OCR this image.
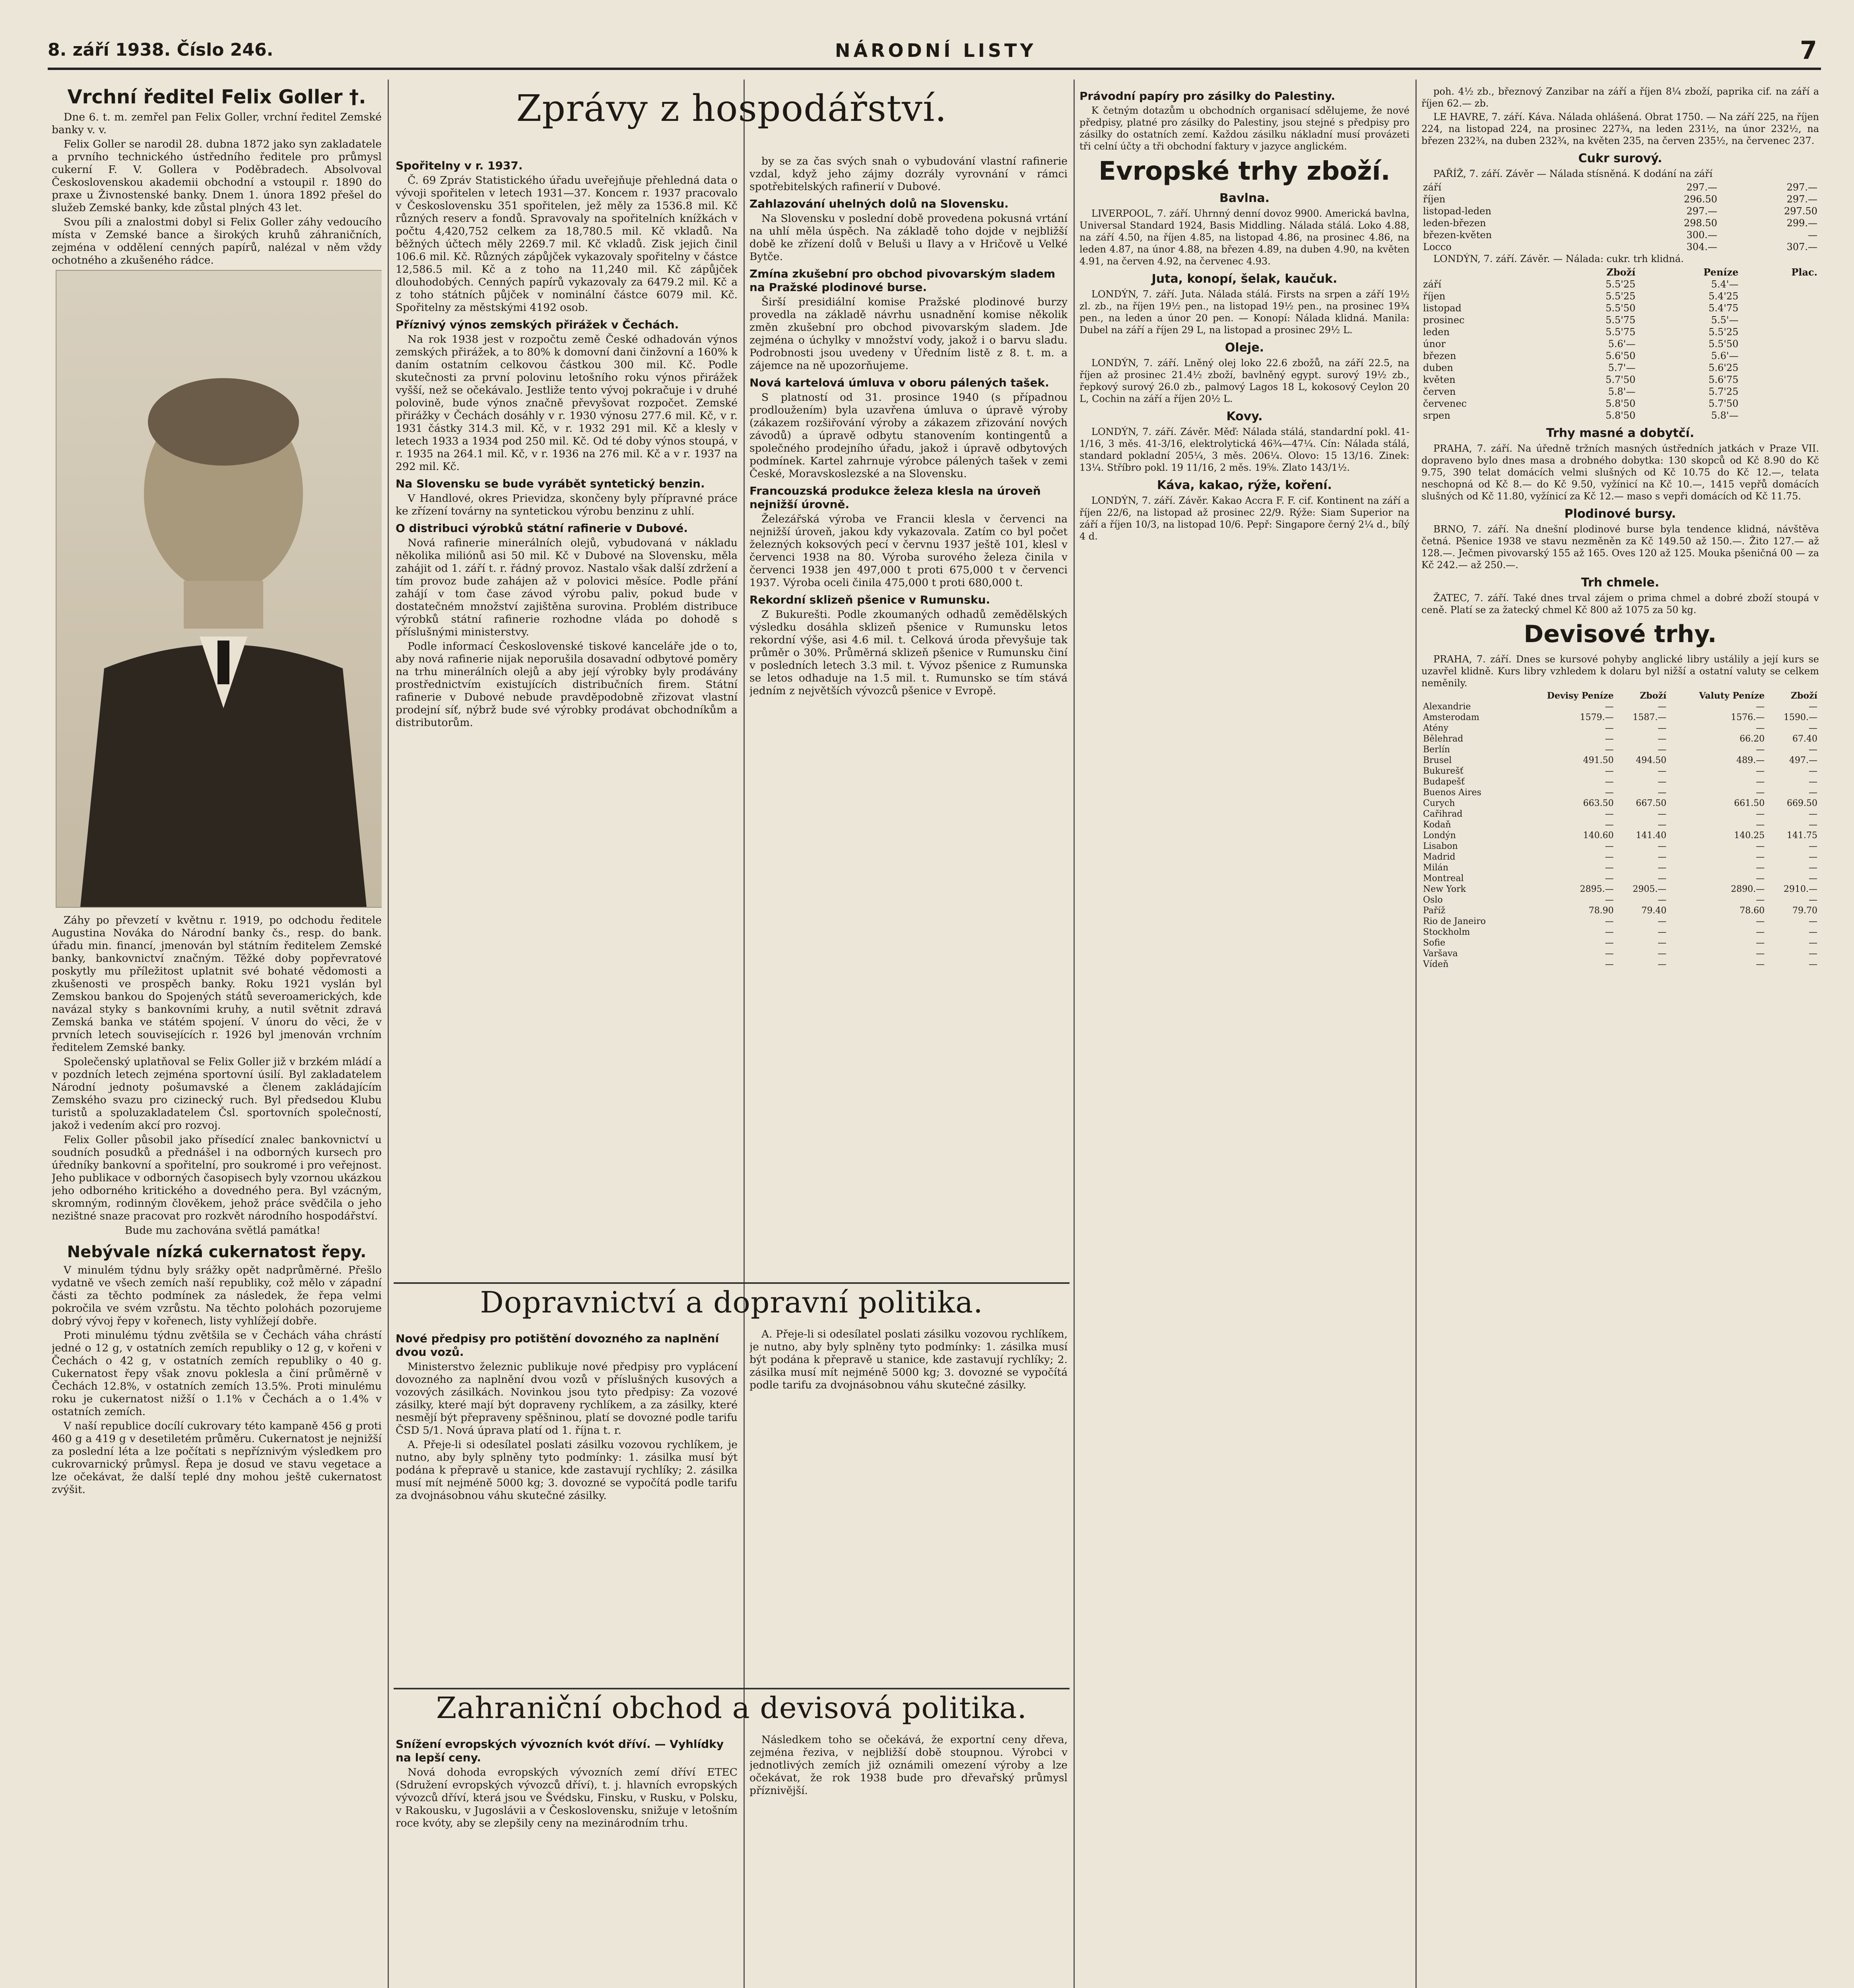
8. září 1938. Číslo 246.	NÁRODNÍ LISTY	7
Vrchní ředitel Felix Goller †.

Dne 6. t. m. zemřel pan Felix Goller, vrchní ředitel Zemské banky v. v.

Felix Goller se narodil 28. dubna 1872 jako syn zakladatele a prvního technického ústředního ředitele pro průmysl cukerní F. V. Gollera v Poděbradech. Absolvoval Československou akademii obchodní a vstoupil r. 1890 do praxe u Živnostenské banky. Dnem 1. února 1892 přešel do služeb Zemské banky, kde zůstal plných 43 let.

Svou píli a znalostmi dobyl si Felix Goller záhy vedoucího místa v Zemské bance a širokých kruhů záhraničních, zejména v oddělení cenných papírů, nalézal v něm vždy ochotného a zkušeného rádce.

Záhy po převzetí v květnu r. 1919, po odchodu ředitele Augustina Nováka do Národní banky čs., resp. do bank. úřadu min. financí, jmenován byl státním ředitelem Zemské banky, bankovnictví značným. Těžké doby popřevratové poskytly mu příležitost uplatnit své bohaté vědomosti a zkušenosti ve prospěch banky. Roku 1921 vyslán byl Zemskou bankou do Spojených států severoamerických, kde navázal styky s bankovními kruhy, a nutil světnit zdravá Zemská banka ve státém spojení. V únoru do věci, že v prvních letech souvisejících r. 1926 byl jmenován vrchním ředitelem Zemské banky.

Společenský uplatňoval se Felix Goller již v brzkém mládí a v pozdních letech zejména sportovní úsilí. Byl zakladatelem Národní jednoty pošumavské a členem zakládajícím Zemského svazu pro cizinecký ruch. Byl předsedou Klubu turistů a spoluzakladatelem Čsl. sportovních společností, jakož i vedením akcí pro rozvoj.

Felix Goller působil jako přísedící znalec bankovnictví u soudních posudků a přednášel i na odborných kursech pro úředníky bankovní a spořitelní, pro soukromé i pro veřejnost. Jeho publikace v odborných časopisech byly vzornou ukázkou jeho odborného kritického a dovedného pera. Byl vzácným, skromným, rodinným člověkem, jehož práce svědčila o jeho nezištné snaze pracovat pro rozkvět národního hospodářství.

Bude mu zachována světlá památka!

Nebývale nízká cukernatost řepy.

V minulém týdnu byly srážky opět nadprůměrné. Přešlo vydatně ve všech zemích naší republiky, což mělo v západní části za těchto podmínek za následek, že řepa velmi pokročila ve svém vzrůstu. Na těchto polohách pozorujeme dobrý vývoj řepy v kořenech, listy vyhlížejí dobře.

Proti minulému týdnu zvětšila se v Čechách váha chrástí jedné o 12 g, v ostatních zemích republiky o 12 g, v kořeni v Čechách o 42 g, v ostatních zemích republiky o 40 g. Cukernatost řepy však znovu poklesla a činí průměrně v Čechách 12.8%, v ostatních zemích 13.5%. Proti minulému roku je cukernatost nižší o 1.1% v Čechách a o 1.4% v ostatních zemích.

V naší republice docílí cukrovary této kampaně 456 g proti 460 g a 419 g v desetiletém průměru. Cukernatost je nejnižší za poslední léta a lze počítati s nepříznivým výsledkem pro cukrovarnický průmysl. Řepa je dosud ve stavu vegetace a lze očekávat, že další teplé dny mohou ještě cukernatost zvýšit.

Zprávy z hospodářství.
Spořitelny v r. 1937.

Č. 69 Zpráv Statistického úřadu uveřejňuje přehledná data o vývoji spořitelen v letech 1931—37. Koncem r. 1937 pracovalo v Československu 351 spořitelen, jež měly za 1536.8 mil. Kč různých reserv a fondů. Spravovaly na spořitelních knížkách v počtu 4,420,752 celkem za 18,780.5 mil. Kč vkladů. Na běžných účtech měly 2269.7 mil. Kč vkladů. Zisk jejich činil 106.6 mil. Kč. Různých zápůjček vykazovaly spořitelny v částce 12,586.5 mil. Kč a z toho na 11,240 mil. Kč zápůjček dlouhodobých. Cenných papírů vykazovaly za 6479.2 mil. Kč a z toho státních půjček v nominální částce 6079 mil. Kč. Spořitelny za městskými 4192 osob.

Příznivý výnos zemských přirážek v Čechách.

Na rok 1938 jest v rozpočtu země České odhadován výnos zemských přirážek, a to 80% k domovní dani činžovní a 160% k daním ostatním celkovou částkou 300 mil. Kč. Podle skutečnosti za první polovinu letošního roku výnos přirážek vyšší, než se očekávalo. Jestliže tento vývoj pokračuje i v druhé polovině, bude výnos značně převyšovat rozpočet. Zemské přirážky v Čechách dosáhly v r. 1930 výnosu 277.6 mil. Kč, v r. 1931 částky 314.3 mil. Kč, v r. 1932 291 mil. Kč a klesly v letech 1933 a 1934 pod 250 mil. Kč. Od té doby výnos stoupá, v r. 1935 na 264.1 mil. Kč, v r. 1936 na 276 mil. Kč a v r. 1937 na 292 mil. Kč.

Na Slovensku se bude vyrábět syntetický benzin.

V Handlové, okres Prievidza, skončeny byly přípravné práce ke zřízení továrny na syntetickou výrobu benzinu z uhlí.

O distribuci výrobků státní rafinerie v Dubové.

Nová rafinerie minerálních olejů, vybudovaná v nákladu několika miliónů asi 50 mil. Kč v Dubové na Slovensku, měla zahájit od 1. září t. r. řádný provoz. Nastalo však další zdržení a tím provoz bude zahájen až v polovici měsíce. Podle přání zahájí v tom čase závod výrobu paliv, pokud bude v dostatečném množství zajištěna surovina. Problém distribuce výrobků státní rafinerie rozhodne vláda po dohodě s příslušnými ministerstvy.

Podle informací Československé tiskové kanceláře jde o to, aby nová rafinerie nijak neporušila dosavadní odbytové poměry na trhu minerálních olejů a aby její výrobky byly prodávány prostřednictvím existujících distribučních firem. Státní rafinerie v Dubové nebude pravděpodobně zřizovat vlastní prodejní síť, nýbrž bude své výrobky prodávat obchodníkům a distributorům.

by se za čas svých snah o vybudování vlastní rafinerie vzdal, když jeho zájmy dozrály vyrovnání v rámci spotřebitelských rafinerií v Dubové.

Zahlazování uhelných dolů na Slovensku.

Na Slovensku v poslední době provedena pokusná vrtání na uhlí měla úspěch. Na základě toho dojde v nejbližší době ke zřízení dolů v Beluši u Ilavy a v Hričově u Velké Bytče.

Zmína zkušební pro obchod pivovarským sladem na Pražské plodinové burse.

Širší presidiální komise Pražské plodinové burzy provedla na základě návrhu usnadnění komise několik změn zkušební pro obchod pivovarským sladem. Jde zejména o úchylky v množství vody, jakož i o barvu sladu. Podrobnosti jsou uvedeny v Úředním listě z 8. t. m. a zájemce na ně upozorňujeme.

Nová kartelová úmluva v oboru pálených tašek.

S platností od 31. prosince 1940 (s případnou prodloužením) byla uzavřena úmluva o úpravě výroby (zákazem rozšiřování výroby a zákazem zřizování nových závodů) a úpravě odbytu stanovením kontingentů a společného prodejního úřadu, jakož i úpravě odbytových podmínek. Kartel zahrnuje výrobce pálených tašek v zemi České, Moravskoslezské a na Slovensku.

Francouzská produkce železa klesla na úroveň nejnižší úrovně.

Železářská výroba ve Francii klesla v červenci na nejnižší úroveň, jakou kdy vykazovala. Zatím co byl počet železných koksových pecí v červnu 1937 ještě 101, klesl v červenci 1938 na 80. Výroba surového železa činila v červenci 1938 jen 497,000 t proti 675,000 t v červenci 1937. Výroba oceli činila 475,000 t proti 680,000 t.

Rekordní sklizeň pšenice v Rumunsku.

Z Bukurešti. Podle zkoumaných odhadů zemědělských výsledku dosáhla sklizeň pšenice v Rumunsku letos rekordní výše, asi 4.6 mil. t. Celková úroda převyšuje tak průměr o 30%. Průměrná sklizeň pšenice v Rumunsku činí v posledních letech 3.3 mil. t. Vývoz pšenice z Rumunska se letos odhaduje na 1.5 mil. t. Rumunsko se tím stává jedním z největších vývozců pšenice v Evropě.

Dopravnictví a dopravní politika.
Nové předpisy pro potištění dovozného za naplnění dvou vozů.

Ministerstvo železnic publikuje nové předpisy pro vyplácení dovozného za naplnění dvou vozů v příslušných kusových a vozových zásilkách. Novinkou jsou tyto předpisy: Za vozové zásilky, které mají být dopraveny rychlíkem, a za zásilky, které nesmějí být přepraveny spěšninou, platí se dovozné podle tarifu ČSD 5/1. Nová úprava platí od 1. října t. r.

A. Přeje-li si odesílatel poslati zásilku vozovou rychlíkem, je nutno, aby byly splněny tyto podmínky: 1. zásilka musí být podána k přepravě u stanice, kde zastavují rychlíky; 2. zásilka musí mít nejméně 5000 kg; 3. dovozné se vypočítá podle tarifu za dvojnásobnou váhu skutečné zásilky.

A. Přeje-li si odesílatel poslati zásilku vozovou rychlíkem, je nutno, aby byly splněny tyto podmínky: 1. zásilka musí být podána k přepravě u stanice, kde zastavují rychlíky; 2. zásilka musí mít nejméně 5000 kg; 3. dovozné se vypočítá podle tarifu za dvojnásobnou váhu skutečné zásilky.

Zahraniční obchod a devisová politika.
Snížení evropských vývozních kvót dříví. — Vyhlídky na lepší ceny.

Nová dohoda evropských vývozních zemí dříví ETEC (Sdružení evropských vývozců dříví), t. j. hlavních evropských vývozců dříví, která jsou ve Švédsku, Finsku, v Rusku, v Polsku, v Rakousku, v Jugoslávii a v Československu, snižuje v letošním roce kvóty, aby se zlepšily ceny na mezinárodním trhu.

Následkem toho se očekává, že exportní ceny dřeva, zejména řeziva, v nejbližší době stoupnou. Výrobci v jednotlivých zemích již oznámili omezení výroby a lze očekávat, že rok 1938 bude pro dřevařský průmysl příznivější.

Právodní papíry pro zásilky do Palestiny.

K četným dotazům u obchodních organisací sdělujeme, že nové předpisy, platné pro zásilky do Palestiny, jsou stejné s předpisy pro zásilky do ostatních zemí. Každou zásilku nákladní musí provázeti tři celní účty a tři obchodní faktury v jazyce anglickém.

Evropské trhy zboží.
Bavlna.

LIVERPOOL, 7. září. Uhrnný denní dovoz 9900. Americká bavlna, Universal Standard 1924, Basis Middling. Nálada stálá. Loko 4.88, na září 4.50, na říjen 4.85, na listopad 4.86, na prosinec 4.86, na leden 4.87, na únor 4.88, na březen 4.89, na duben 4.90, na květen 4.91, na červen 4.92, na červenec 4.93.

Juta, konopí, šelak, kaučuk.

LONDÝN, 7. září. Juta. Nálada stálá. Firsts na srpen a září 19½ zl. zb., na říjen 19½ pen., na listopad 19½ pen., na prosinec 19¾ pen., na leden a únor 20 pen. — Konopí: Nálada klidná. Manila: Dubel na září a říjen 29 L, na listopad a prosinec 29½ L.

Oleje.

LONDÝN, 7. září. Lněný olej loko 22.6 zbožů, na září 22.5, na říjen až prosinec 21.4½ zboží, bavlněný egypt. surový 19½ zb., řepkový surový 26.0 zb., palmový Lagos 18 L, kokosový Ceylon 20 L, Cochin na září a říjen 20½ L.

Kovy.

LONDÝN, 7. září. Závěr. Měď: Nálada stálá, standardní pokl. 41-1/16, 3 měs. 41-3/16, elektrolytická 46¾—47¼. Cín: Nálada stálá, standard pokladní 205¼, 3 měs. 206¼. Olovo: 15 13/16. Zinek: 13¼. Stříbro pokl. 19 11/16, 2 měs. 19⅝. Zlato 143/1½.

Káva, kakao, rýže, koření.

LONDÝN, 7. září. Závěr. Kakao Accra F. F. cif. Kontinent na září a říjen 22/6, na listopad až prosinec 22/9. Rýže: Siam Superior na září a říjen 10/3, na listopad 10/6. Pepř: Singapore černý 2¼ d., bílý 4 d.

poh. 4½ zb., březnový Zanzibar na září a říjen 8¼ zboží, paprika cif. na září a říjen 62.— zb.

LE HAVRE, 7. září. Káva. Nálada ohlášená. Obrat 1750. — Na září 225, na říjen 224, na listopad 224, na prosinec 227¾, na leden 231½, na únor 232½, na březen 232¾, na duben 232¾, na květen 235, na červen 235½, na červenec 237.

Cukr surový.

PAŘÍŽ, 7. září. Závěr — Nálada stísněná. K dodání na září

září	297.—	297.—
říjen	296.50	297.—
listopad-leden	297.—	297.50
leden-březen	298.50	299.—
březen-květen	300.—	—
Locco	304.—	307.—

LONDÝN, 7. září. Závěr. — Nálada: cukr. trh klidná.

	Zboží	Peníze	Plac.
září	5.5'25	5.4'—	
říjen	5.5'25	5.4'25	
listopad	5.5'50	5.4'75	
prosinec	5.5'75	5.5'—	
leden	5.5'75	5.5'25	
únor	5.6'—	5.5'50	
březen	5.6'50	5.6'—	
duben	5.7'—	5.6'25	
květen	5.7'50	5.6'75	
červen	5.8'—	5.7'25	
červenec	5.8'50	5.7'50	
srpen	5.8'50	5.8'—	
Trhy masné a dobytčí.

PRAHA, 7. září. Na úředně tržních masných ústředních jatkách v Praze VII. dopraveno bylo dnes masa a drobného dobytka: 130 skopců od Kč 8.90 do Kč 9.75, 390 telat domácích velmi slušných od Kč 10.75 do Kč 12.—, telata neschopná od Kč 8.— do Kč 9.50, vyžínicí na Kč 10.—, 1415 vepřů domácích slušných od Kč 11.80, vyžínicí za Kč 12.— maso s vepři domácích od Kč 11.75.

Plodinové bursy.

BRNO, 7. září. Na dnešní plodinové burse byla tendence klidná, návštěva četná. Pšenice 1938 ve stavu nezměněn za Kč 149.50 až 150.—. Žito 127.— až 128.—. Ječmen pivovarský 155 až 165. Oves 120 až 125. Mouka pšeničná 00 — za Kč 242.— až 250.—.

Trh chmele.

ŽATEC, 7. září. Také dnes trval zájem o prima chmel a dobré zboží stoupá v ceně. Platí se za žatecký chmel Kč 800 až 1075 za 50 kg.

Devisové trhy.

PRAHA, 7. září. Dnes se kursové pohyby anglické libry ustálily a její kurs se uzavřel klidně. Kurs libry vzhledem k dolaru byl nižší a ostatní valuty se celkem neměnily.

	Devisy Peníze	Zboží	Valuty Peníze	Zboží
Alexandrie	—	—	—	—
Amsterodam	1579.—	1587.—	1576.—	1590.—
Atény	—	—	—	—
Bělehrad	—	—	66.20	67.40
Berlín	—	—	—	—
Brusel	491.50	494.50	489.—	497.—
Bukurešť	—	—	—	—
Budapešť	—	—	—	—
Buenos Aires	—	—	—	—
Curych	663.50	667.50	661.50	669.50
Cařihrad	—	—	—	—
Kodaň	—	—	—	—
Londýn	140.60	141.40	140.25	141.75
Lisabon	—	—	—	—
Madrid	—	—	—	—
Milán	—	—	—	—
Montreal	—	—	—	—
New York	2895.—	2905.—	2890.—	2910.—
Oslo	—	—	—	—
Paříž	78.90	79.40	78.60	79.70
Rio de Janeiro	—	—	—	—
Stockholm	—	—	—	—
Sofie	—	—	—	—
Varšava	—	—	—	—
Vídeň	—	—	—	—
